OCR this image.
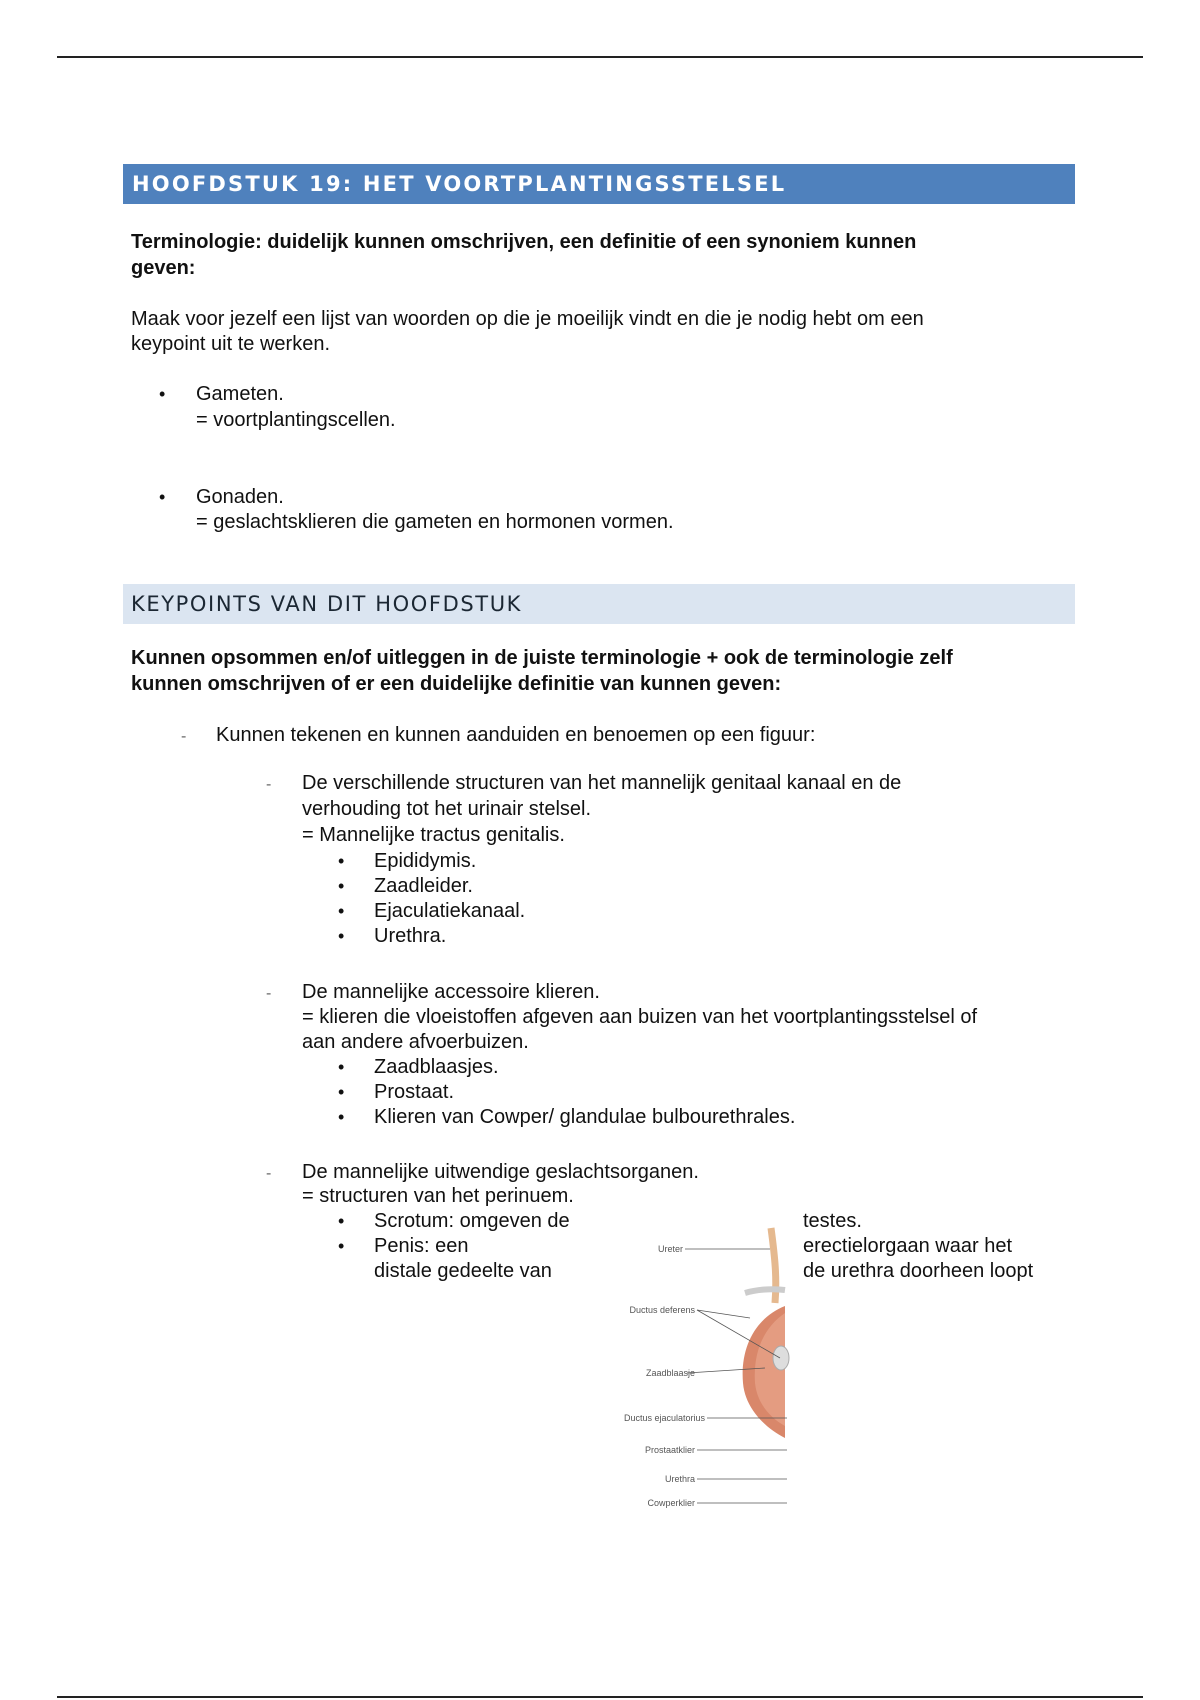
HOOFDSTUK 19: HET VOORTPLANTINGSSTELSEL
Terminologie: duidelijk kunnen omschrijven, een definitie of een synoniem kunnen
geven:
Maak voor jezelf een lijst van woorden op die je moeilijk vindt en die je nodig hebt om een
keypoint uit te werken.
• Gameten.
= voortplantingscellen.
• Gonaden.
= geslachtsklieren die gameten en hormonen vormen.
KEYPOINTS VAN DIT HOOFDSTUK
Kunnen opsommen en/of uitleggen in de juiste terminologie + ook de terminologie zelf
kunnen omschrijven of er een duidelijke definitie van kunnen geven:
- Kunnen tekenen en kunnen aanduiden en benoemen op een figuur:
- De verschillende structuren van het mannelijk genitaal kanaal en de
verhouding tot het urinair stelsel.
= Mannelijke tractus genitalis.
• Epididymis.
• Zaadleider.
• Ejaculatiekanaal.
• Urethra.
- De mannelijke accessoire klieren.
= klieren die vloeistoffen afgeven aan buizen van het voortplantingsstelsel of
aan andere afvoerbuizen.
• Zaadblaasjes.
• Prostaat.
• Klieren van Cowper/ glandulae bulbourethrales.
- De mannelijke uitwendige geslachtsorganen.
= structuren van het perinuem.
• Scrotum: omgeven de	testes.
• Penis: een	erectielorgaan waar het
distale gedeelte van	de urethra doorheen loopt
Ureter
Ductus deferens
Zaadblaasje
Ductus ejaculatorius
Prostaatklier
Urethra
Cowperklier
